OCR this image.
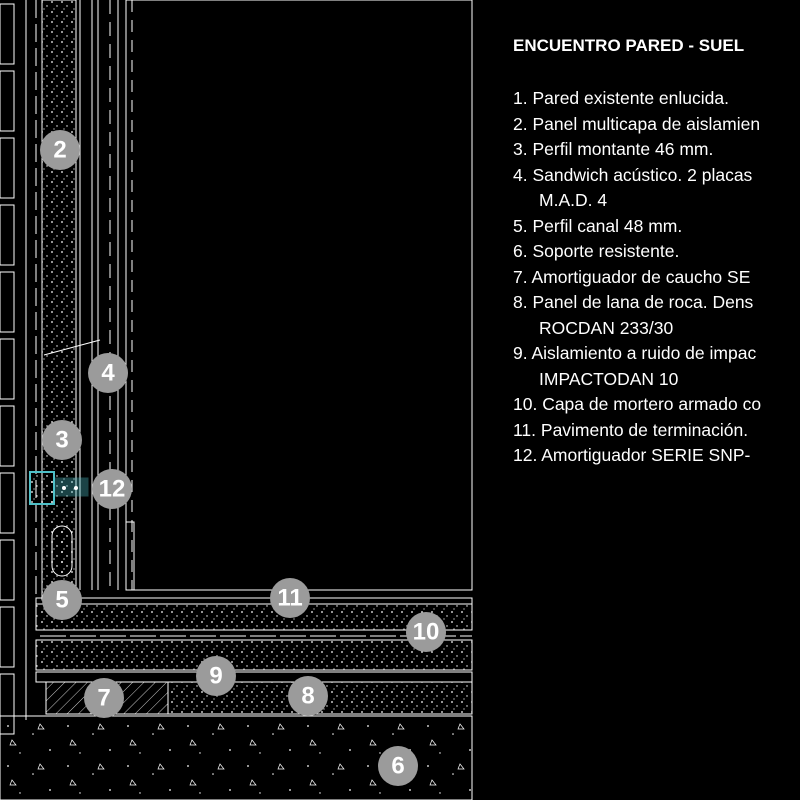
2
4
3
12
5	11
10
9
7	8
6
ENCUENTRO PARED - SUEL
1. Pared existente enlucida.
2. Panel multicapa de aislamien
3. Perfil montante 46 mm.
4. Sandwich acústico. 2 placas
M.A.D. 4
5. Perfil canal 48 mm.
6. Soporte resistente.
7. Amortiguador de caucho SE
8. Panel de lana de roca. Dens
ROCDAN 233/30
9. Aislamiento a ruido de impac
IMPACTODAN 10
10. Capa de mortero armado co
11. Pavimento de terminación.
12. Amortiguador SERIE SNP-
